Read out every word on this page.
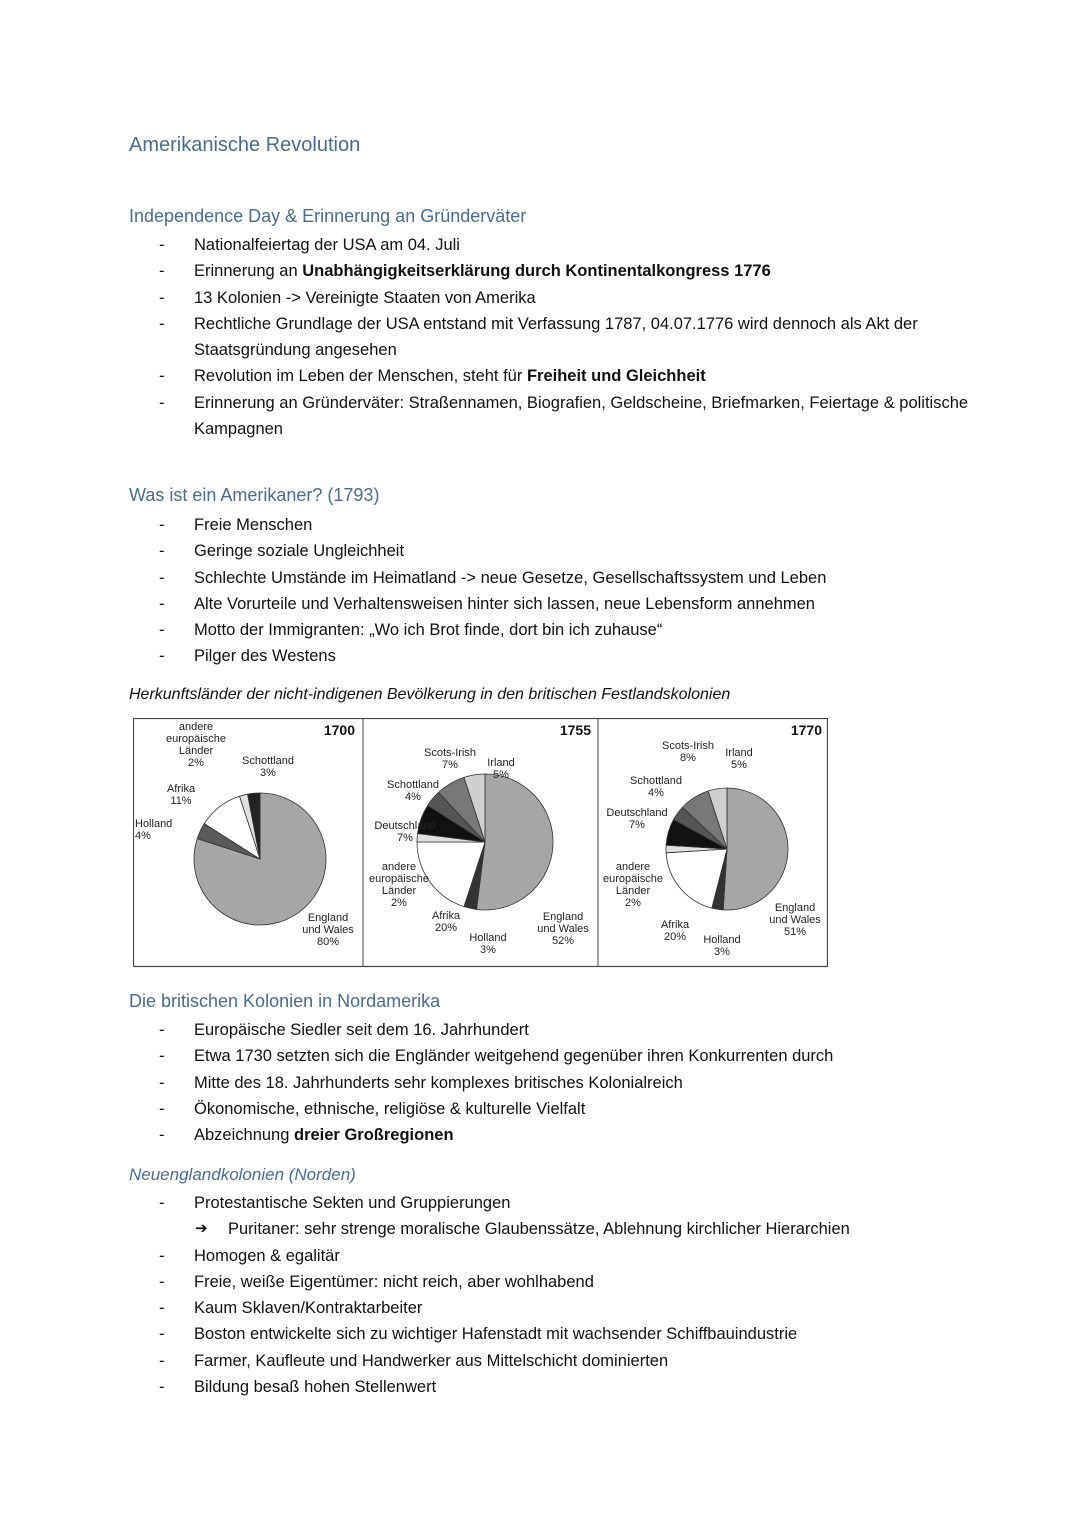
Amerikanische Revolution
Independence Day & Erinnerung an Gründerväter
- Nationalfeiertag der USA am 04. Juli
- Erinnerung an Unabhängigkeitserklärung durch Kontinentalkongress 1776
- 13 Kolonien -> Vereinigte Staaten von Amerika
- Rechtliche Grundlage der USA entstand mit Verfassung 1787, 04.07.1776 wird dennoch als Akt der Staatsgründung angesehen
- Revolution im Leben der Menschen, steht für Freiheit und Gleichheit
- Erinnerung an Gründerväter: Straßennamen, Biografien, Geldscheine, Briefmarken, Feiertage & politische Kampagnen
Was ist ein Amerikaner? (1793)
- Freie Menschen
- Geringe soziale Ungleichheit
- Schlechte Umstände im Heimatland -> neue Gesetze, Gesellschaftssystem und Leben
- Alte Vorurteile und Verhaltensweisen hinter sich lassen, neue Lebensform annehmen
- Motto der Immigranten: „Wo ich Brot finde, dort bin ich zuhause“
- Pilger des Westens
Herkunftsländer der nicht-indigenen Bevölkerung in den britischen Festlandskolonien
1700
England
und Wales
80%
Holland
4%
Afrika
11%
andere
europäische
Länder
2%	Schottland
3%
1755
England
und Wales
52%
Holland
3%
Afrika
20%
andere
europäische
Länder
2%
Deutschland
7%
Schottland
4%
Scots-Irish
7%	Irland
5%
1770
England
und Wales
51%
Holland
3%
Afrika
20%
andere
europäische
Länder
2%
Deutschland
7%
Schottland
4%
Scots-Irish
8%	Irland
5%
Die britischen Kolonien in Nordamerika
- Europäische Siedler seit dem 16. Jahrhundert
- Etwa 1730 setzten sich die Engländer weitgehend gegenüber ihren Konkurrenten durch
- Mitte des 18. Jahrhunderts sehr komplexes britisches Kolonialreich
- Ökonomische, ethnische, religiöse & kulturelle Vielfalt
- Abzeichnung dreier Großregionen
Neuenglandkolonien (Norden)
- Protestantische Sekten und Gruppierungen
➔ Puritaner: sehr strenge moralische Glaubenssätze, Ablehnung kirchlicher Hierarchien
- Homogen & egalitär
- Freie, weiße Eigentümer: nicht reich, aber wohlhabend
- Kaum Sklaven/Kontraktarbeiter
- Boston entwickelte sich zu wichtiger Hafenstadt mit wachsender Schiffbauindustrie
- Farmer, Kaufleute und Handwerker aus Mittelschicht dominierten
- Bildung besaß hohen Stellenwert
